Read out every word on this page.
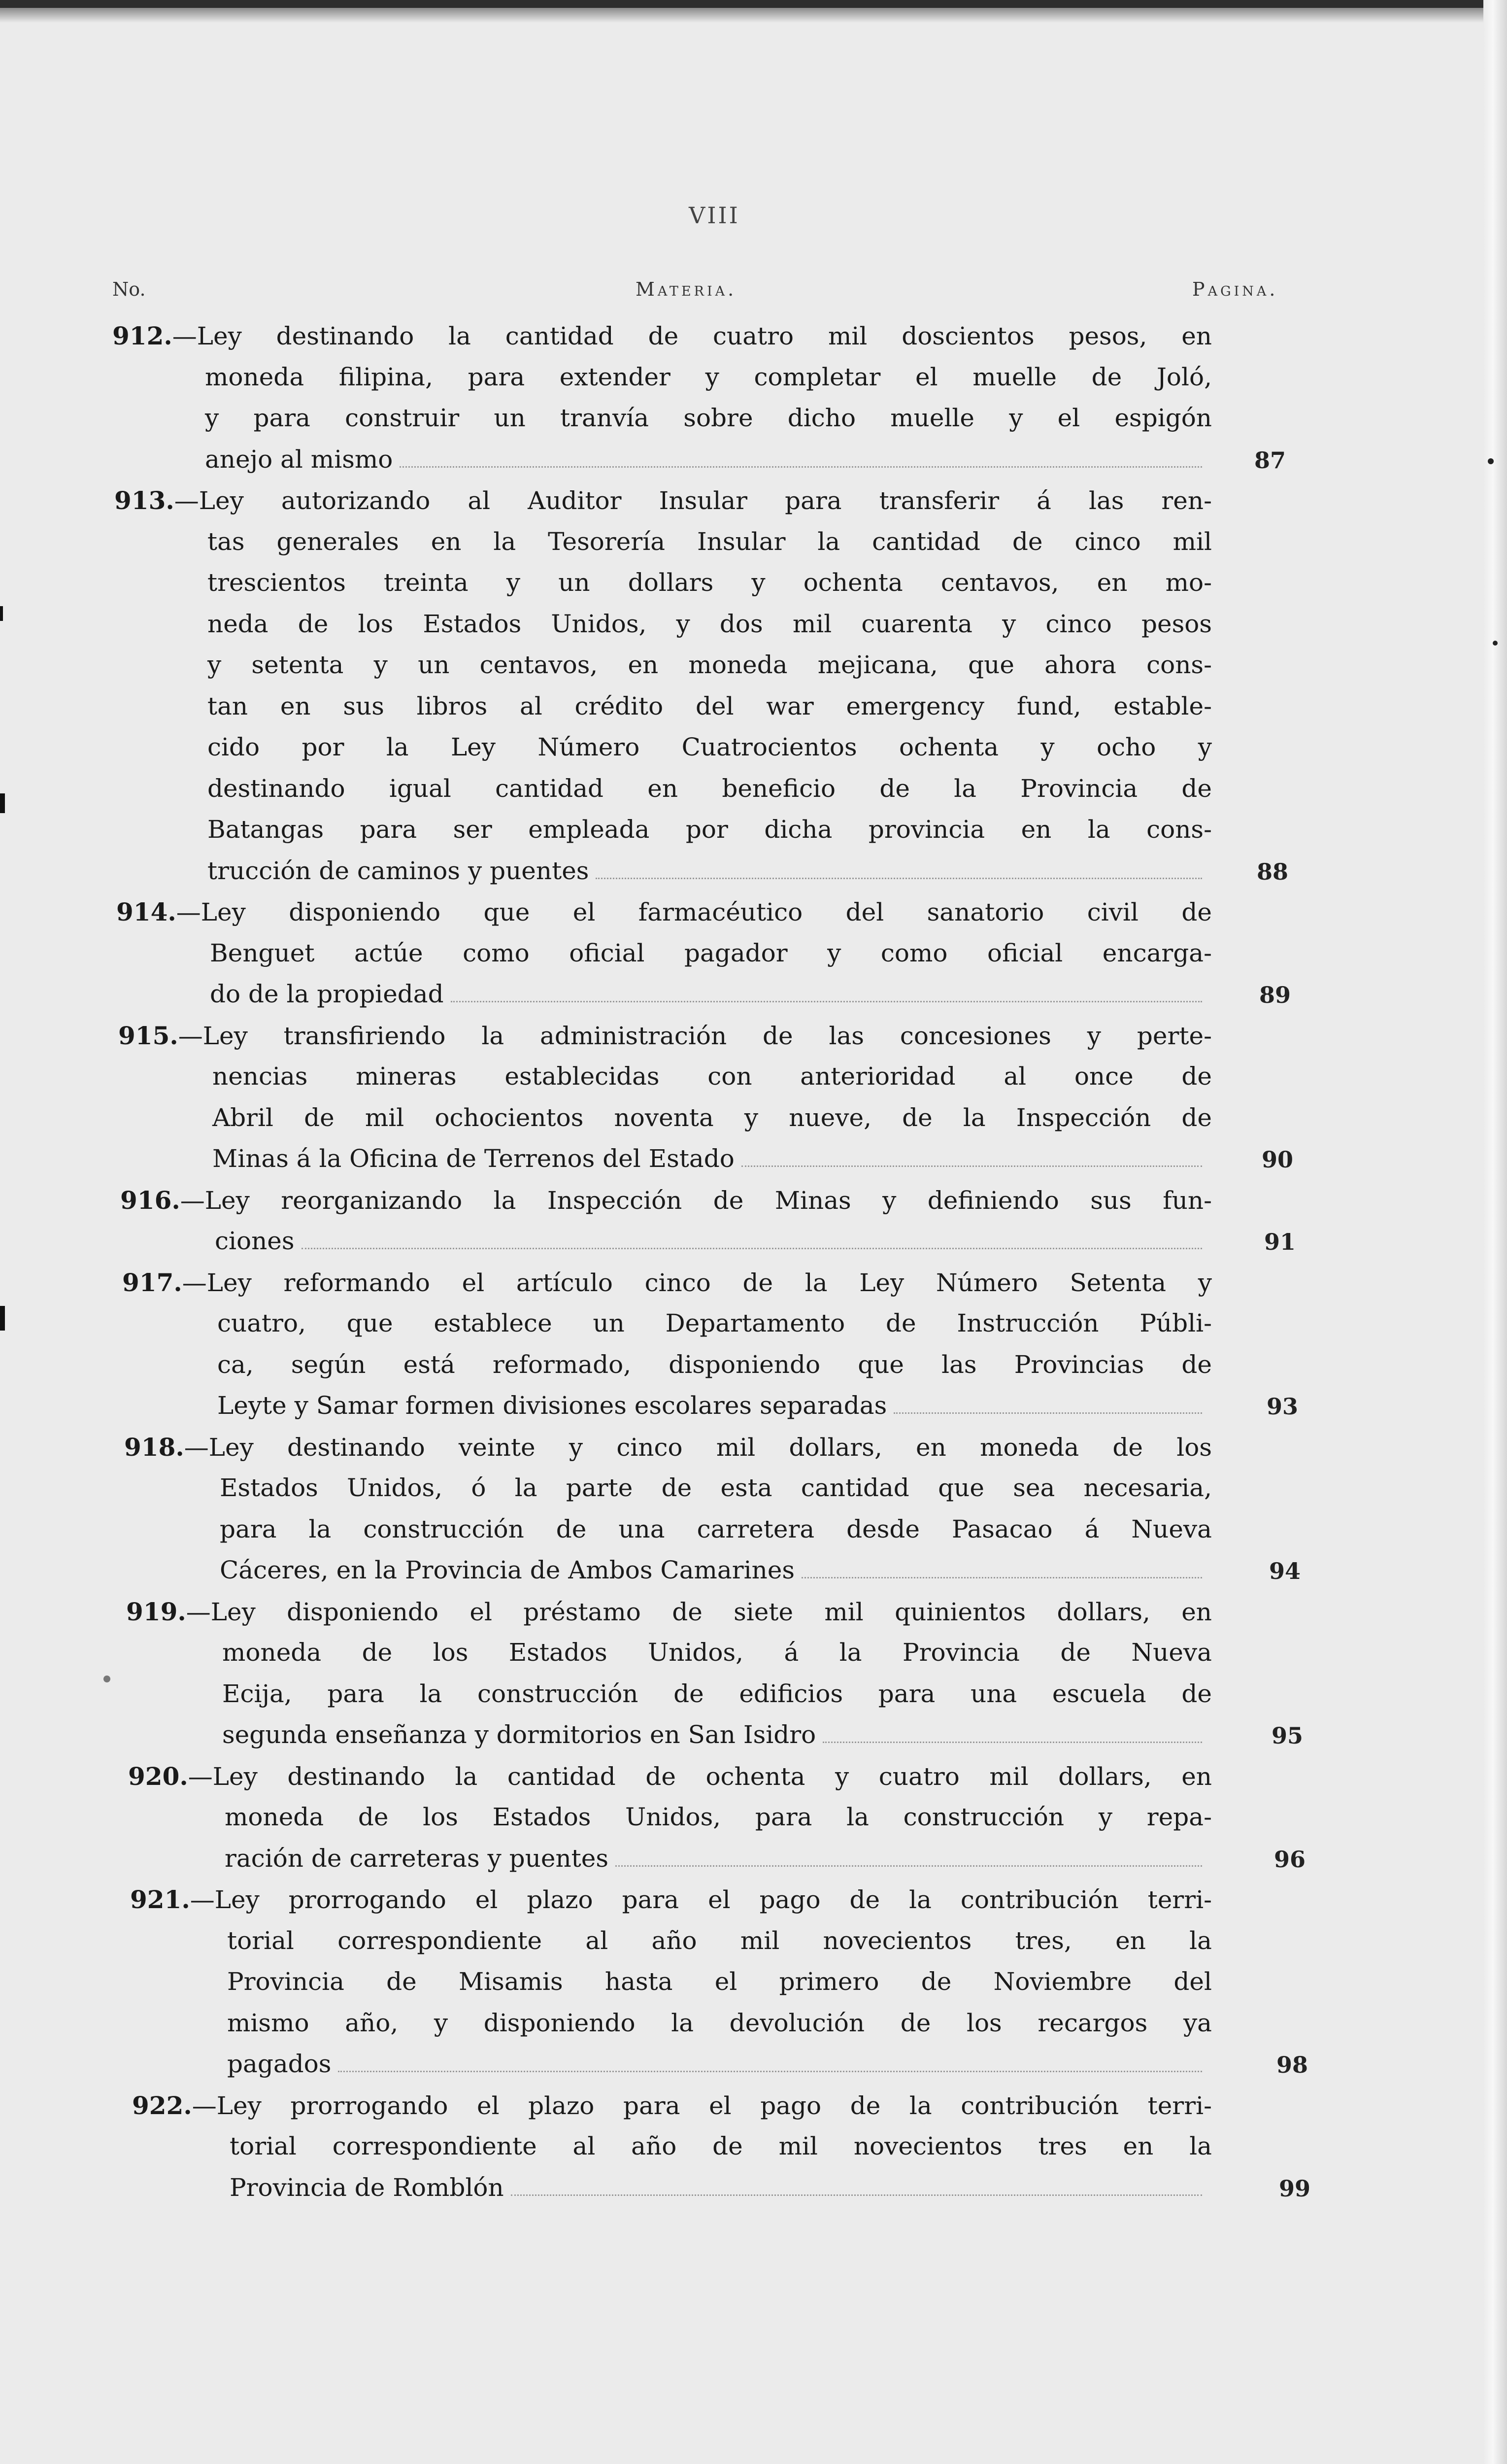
VIII
No.	Materia.	Pagina.
912. —Ley destinando la cantidad de cuatro mil doscientos pesos, en
moneda filipina, para extender y completar el muelle de Joló,
y para construir un tranvía sobre dicho muelle y el espigón
anejo al mismo	87
913. —Ley autorizando al Auditor Insular para transferir á las ren-
tas generales en la Tesorería Insular la cantidad de cinco mil
trescientos treinta y un dollars y ochenta centavos, en mo-
neda de los Estados Unidos, y dos mil cuarenta y cinco pesos
y setenta y un centavos, en moneda mejicana, que ahora cons-
tan en sus libros al crédito del war emergency fund, estable-
cido por la Ley Número Cuatrocientos ochenta y ocho y
destinando igual cantidad en beneficio de la Provincia de
Batangas para ser empleada por dicha provincia en la cons-
trucción de caminos y puentes	88
914. —Ley disponiendo que el farmacéutico del sanatorio civil de
Benguet actúe como oficial pagador y como oficial encarga-
do de la propiedad	89
915. —Ley transfiriendo la administración de las concesiones y perte-
nencias mineras establecidas con anterioridad al once de
Abril de mil ochocientos noventa y nueve, de la Inspección de
Minas á la Oficina de Terrenos del Estado	90
916. —Ley reorganizando la Inspección de Minas y definiendo sus fun-
ciones	91
917. —Ley reformando el artículo cinco de la Ley Número Setenta y
cuatro, que establece un Departamento de Instrucción Públi-
ca, según está reformado, disponiendo que las Provincias de
Leyte y Samar formen divisiones escolares separadas	93
918. —Ley destinando veinte y cinco mil dollars, en moneda de los
Estados Unidos, ó la parte de esta cantidad que sea necesaria,
para la construcción de una carretera desde Pasacao á Nueva
Cáceres, en la Provincia de Ambos Camarines	94
919. —Ley disponiendo el préstamo de siete mil quinientos dollars, en
moneda de los Estados Unidos, á la Provincia de Nueva
Ecija, para la construcción de edificios para una escuela de
segunda enseñanza y dormitorios en San Isidro	95
920. —Ley destinando la cantidad de ochenta y cuatro mil dollars, en
moneda de los Estados Unidos, para la construcción y repa-
ración de carreteras y puentes	96
921. —Ley prorrogando el plazo para el pago de la contribución terri-
torial correspondiente al año mil novecientos tres, en la
Provincia de Misamis hasta el primero de Noviembre del
mismo año, y disponiendo la devolución de los recargos ya
pagados	98
922. —Ley prorrogando el plazo para el pago de la contribución terri-
torial correspondiente al año de mil novecientos tres en la
Provincia de Romblón	99
